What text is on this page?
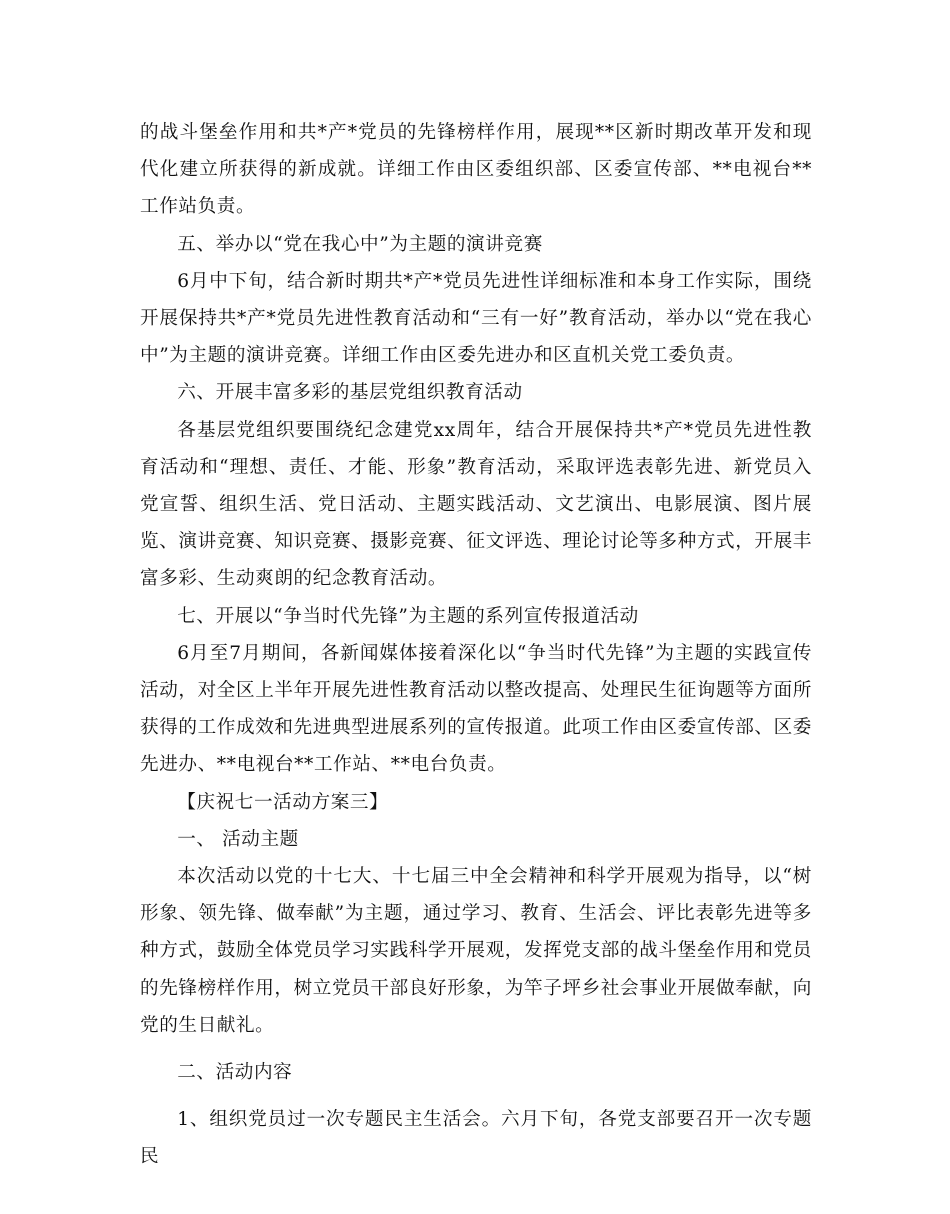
的战斗堡垒作用和共*产*党员的先锋榜样作用，展现**区新时期改革开发和现代化建立所获得的新成就。详细工作由区委组织部、区委宣传部、**电视台**工作站负责。

五、举办以“党在我心中”为主题的演讲竞赛

6月中下旬，结合新时期共*产*党员先进性详细标准和本身工作实际，围绕开展保持共*产*党员先进性教育活动和“三有一好”教育活动，举办以“党在我心中”为主题的演讲竞赛。详细工作由区委先进办和区直机关党工委负责。

六、开展丰富多彩的基层党组织教育活动

各基层党组织要围绕纪念建党xx周年，结合开展保持共*产*党员先进性教育活动和“理想、责任、才能、形象”教育活动，采取评选表彰先进、新党员入党宣誓、组织生活、党日活动、主题实践活动、文艺演出、电影展演、图片展览、演讲竞赛、知识竞赛、摄影竞赛、征文评选、理论讨论等多种方式，开展丰富多彩、生动爽朗的纪念教育活动。

七、开展以“争当时代先锋”为主题的系列宣传报道活动

6月至7月期间，各新闻媒体接着深化以“争当时代先锋”为主题的实践宣传活动，对全区上半年开展先进性教育活动以整改提高、处理民生征询题等方面所获得的工作成效和先进典型进展系列的宣传报道。此项工作由区委宣传部、区委先进办、**电视台**工作站、**电台负责。

【庆祝七一活动方案三】

一、 活动主题

本次活动以党的十七大、十七届三中全会精神和科学开展观为指导，以“树形象、领先锋、做奉献”为主题，通过学习、教育、生活会、评比表彰先进等多种方式，鼓励全体党员学习实践科学开展观，发挥党支部的战斗堡垒作用和党员的先锋榜样作用，树立党员干部良好形象，为竿子坪乡社会事业开展做奉献，向党的生日献礼。

二、活动内容

1、组织党员过一次专题民主生活会。六月下旬，各党支部要召开一次专题民
